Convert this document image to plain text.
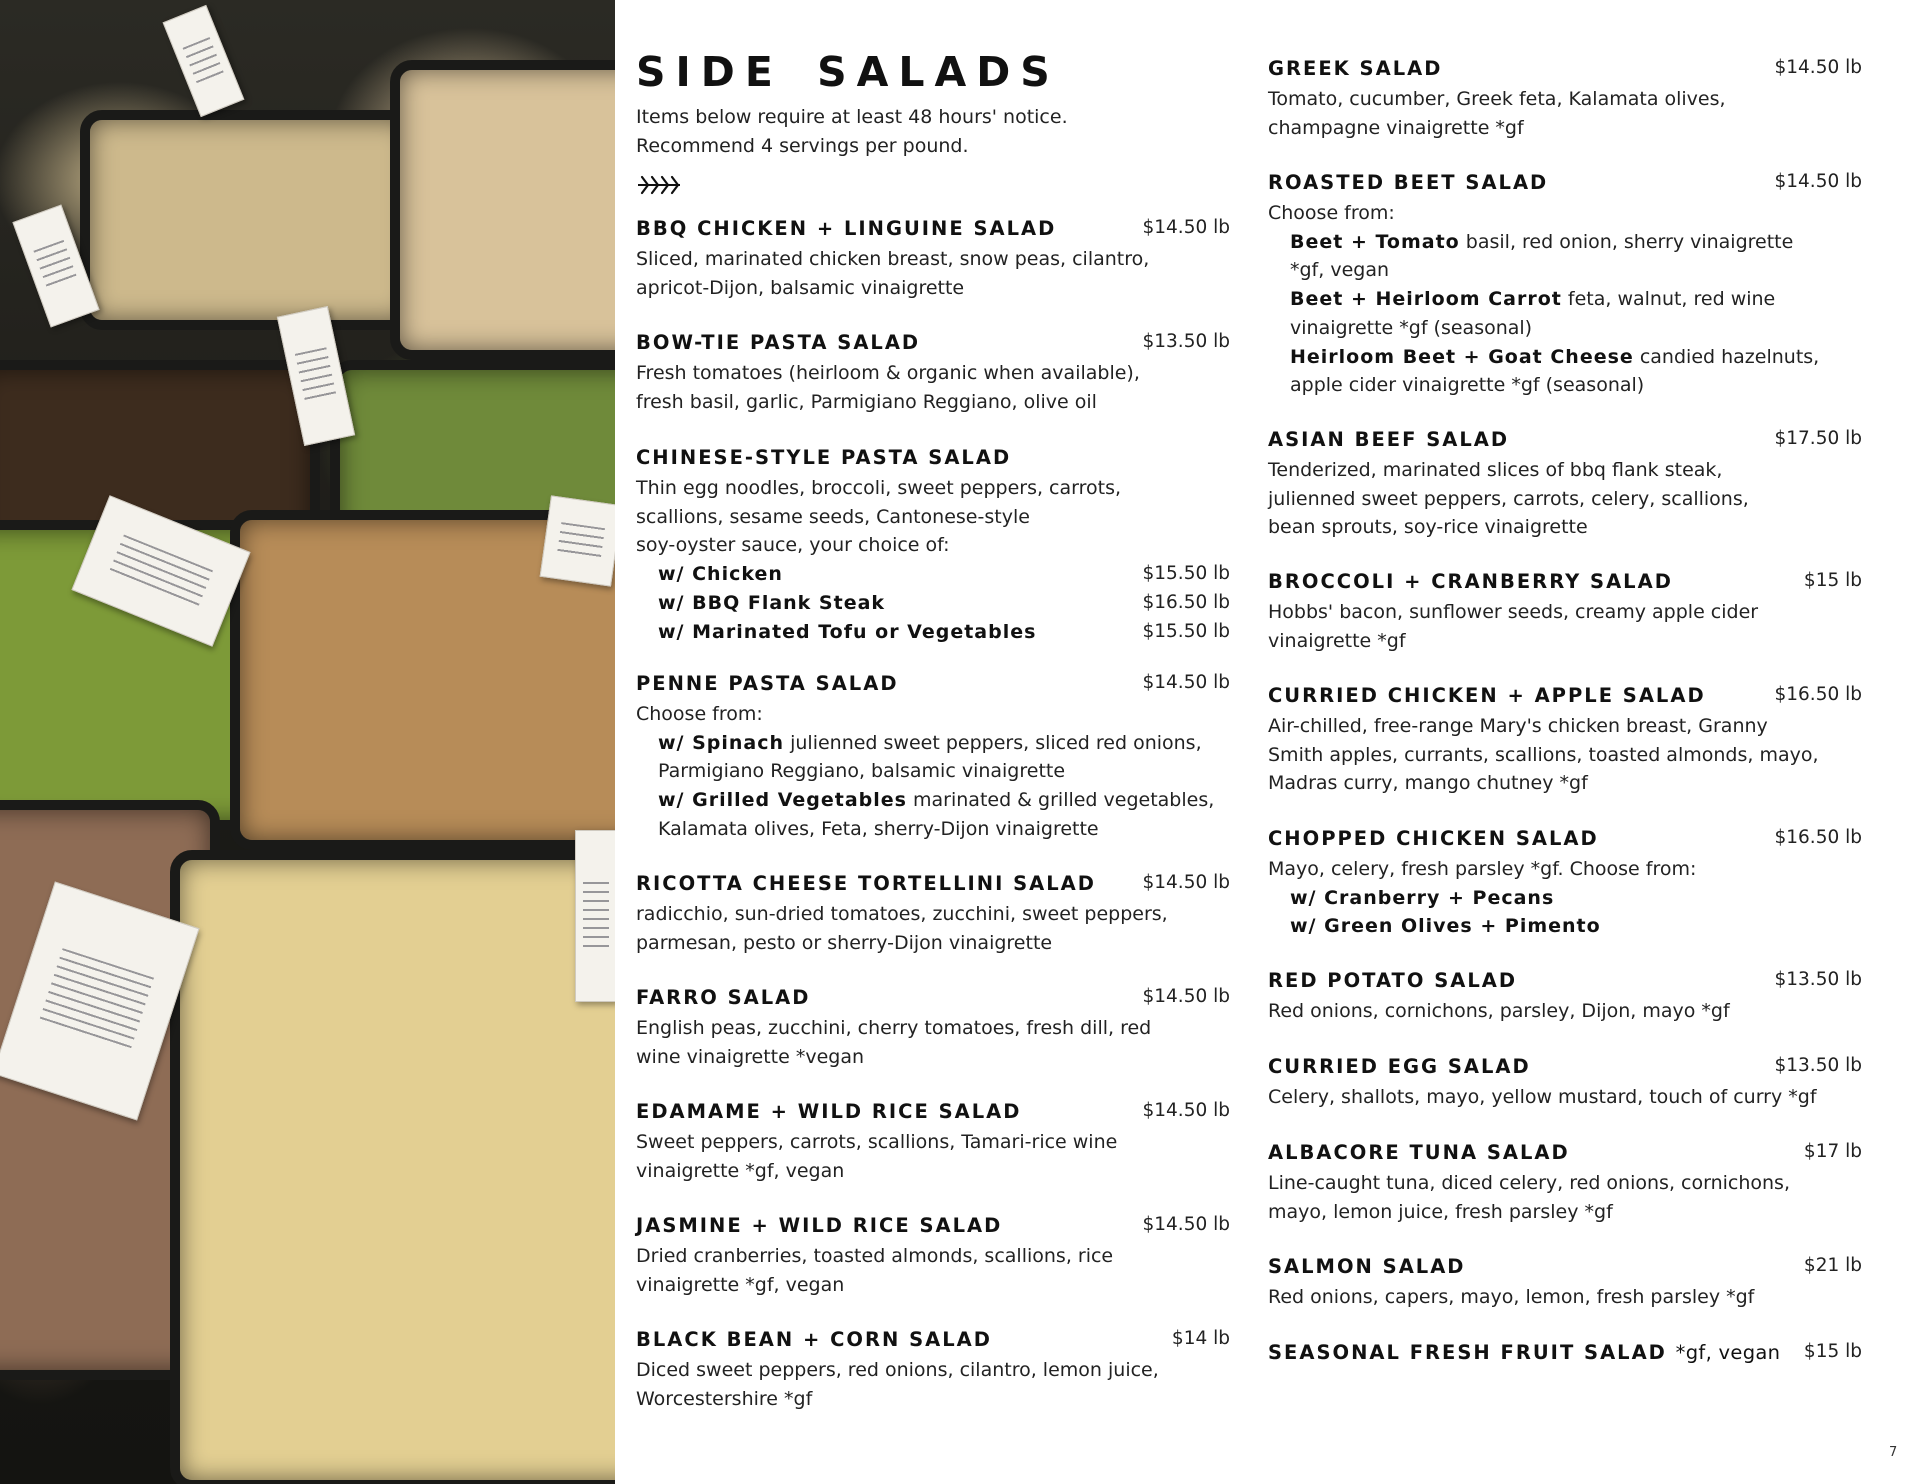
SIDE SALADS
Items below require at least 48 hours' notice.
Recommend 4 servings per pound.
BBQ CHICKEN + LINGUINE SALAD	$14.50 lb
Sliced, marinated chicken breast, snow peas, cilantro,
apricot-Dijon, balsamic vinaigrette
BOW-TIE PASTA SALAD	$13.50 lb
Fresh tomatoes (heirloom & organic when available),
fresh basil, garlic, Parmigiano Reggiano, olive oil
CHINESE-STYLE PASTA SALAD
Thin egg noodles, broccoli, sweet peppers, carrots,
scallions, sesame seeds, Cantonese-style
soy-oyster sauce, your choice of:
w/ Chicken	$15.50 lb
w/ BBQ Flank Steak	$16.50 lb
w/ Marinated Tofu or Vegetables	$15.50 lb
PENNE PASTA SALAD	$14.50 lb
Choose from:
w/ Spinach julienned sweet peppers, sliced red onions,
Parmigiano Reggiano, balsamic vinaigrette
w/ Grilled Vegetables marinated & grilled vegetables,
Kalamata olives, Feta, sherry-Dijon vinaigrette
RICOTTA CHEESE TORTELLINI SALAD	$14.50 lb
radicchio, sun-dried tomatoes, zucchini, sweet peppers,
parmesan, pesto or sherry-Dijon vinaigrette
FARRO SALAD	$14.50 lb
English peas, zucchini, cherry tomatoes, fresh dill, red
wine vinaigrette *vegan
EDAMAME + WILD RICE SALAD	$14.50 lb
Sweet peppers, carrots, scallions, Tamari-rice wine
vinaigrette *gf, vegan
JASMINE + WILD RICE SALAD	$14.50 lb
Dried cranberries, toasted almonds, scallions, rice
vinaigrette *gf, vegan
BLACK BEAN + CORN SALAD	$14 lb
Diced sweet peppers, red onions, cilantro, lemon juice,
Worcestershire *gf
GREEK SALAD	$14.50 lb
Tomato, cucumber, Greek feta, Kalamata olives,
champagne vinaigrette *gf
ROASTED BEET SALAD	$14.50 lb
Choose from:
Beet + Tomato basil, red onion, sherry vinaigrette
*gf, vegan
Beet + Heirloom Carrot feta, walnut, red wine
vinaigrette *gf (seasonal)
Heirloom Beet + Goat Cheese candied hazelnuts,
apple cider vinaigrette *gf (seasonal)
ASIAN BEEF SALAD	$17.50 lb
Tenderized, marinated slices of bbq flank steak,
julienned sweet peppers, carrots, celery, scallions,
bean sprouts, soy-rice vinaigrette
BROCCOLI + CRANBERRY SALAD	$15 lb
Hobbs' bacon, sunflower seeds, creamy apple cider
vinaigrette *gf
CURRIED CHICKEN + APPLE SALAD	$16.50 lb
Air-chilled, free-range Mary's chicken breast, Granny
Smith apples, currants, scallions, toasted almonds, mayo,
Madras curry, mango chutney *gf
CHOPPED CHICKEN SALAD	$16.50 lb
Mayo, celery, fresh parsley *gf. Choose from:
w/ Cranberry + Pecans
w/ Green Olives + Pimento
RED POTATO SALAD	$13.50 lb
Red onions, cornichons, parsley, Dijon, mayo *gf
CURRIED EGG SALAD	$13.50 lb
Celery, shallots, mayo, yellow mustard, touch of curry *gf
ALBACORE TUNA SALAD	$17 lb
Line-caught tuna, diced celery, red onions, cornichons,
mayo, lemon juice, fresh parsley *gf
SALMON SALAD	$21 lb
Red onions, capers, mayo, lemon, fresh parsley *gf
SEASONAL FRESH FRUIT SALAD *gf, vegan $15 lb
7
